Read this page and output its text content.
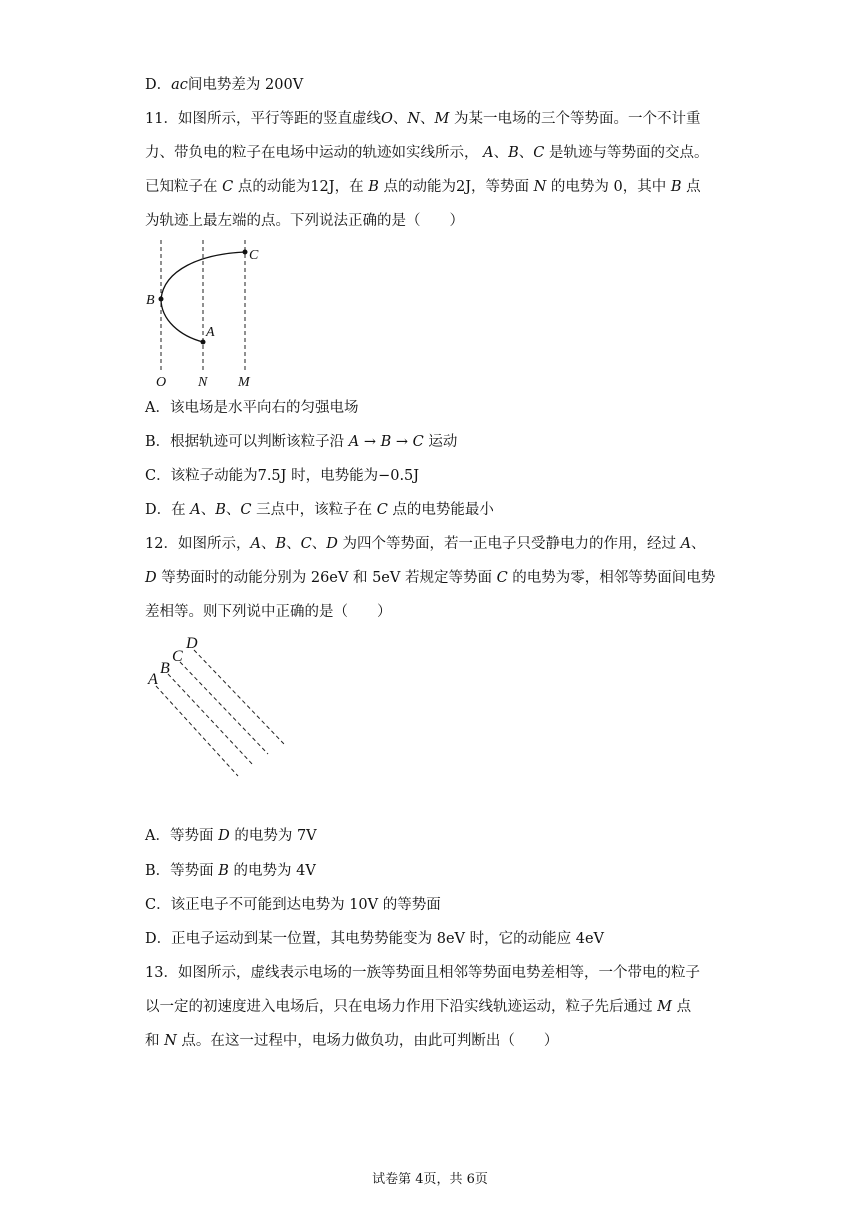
D．ac间电势差为 200V
11．如图所示，平行等距的竖直虚线O、N、M 为某一电场的三个等势面。一个不计重
力、带负电的粒子在电场中运动的轨迹如实线所示， A、B、C 是轨迹与等势面的交点。
已知粒子在 C 点的动能为12J，在 B 点的动能为2J，等势面 N 的电势为 0，其中 B 点
为轨迹上最左端的点。下列说法正确的是（　　）
C
B
A
O N M
A．该电场是水平向右的匀强电场
B．根据轨迹可以判断该粒子沿 A → B → C 运动
C．该粒子动能为7.5J 时，电势能为−0.5J
D．在 A、B、C 三点中，该粒子在 C 点的电势能最小
12．如图所示，A、B、C、D 为四个等势面，若一正电子只受静电力的作用，经过 A、
D 等势面时的动能分别为 26eV 和 5eV 若规定等势面 C 的电势为零，相邻等势面间电势
差相等。则下列说中正确的是（　　）
A
B
C
D
A．等势面 D 的电势为 7V
B．等势面 B 的电势为 4V
C．该正电子不可能到达电势为 10V 的等势面
D．正电子运动到某一位置，其电势势能变为 8eV 时，它的动能应 4eV
13．如图所示，虚线表示电场的一族等势面且相邻等势面电势差相等，一个带电的粒子
以一定的初速度进入电场后，只在电场力作用下沿实线轨迹运动，粒子先后通过 M 点
和 N 点。在这一过程中，电场力做负功，由此可判断出（　　）
试卷第 4页，共 6页
